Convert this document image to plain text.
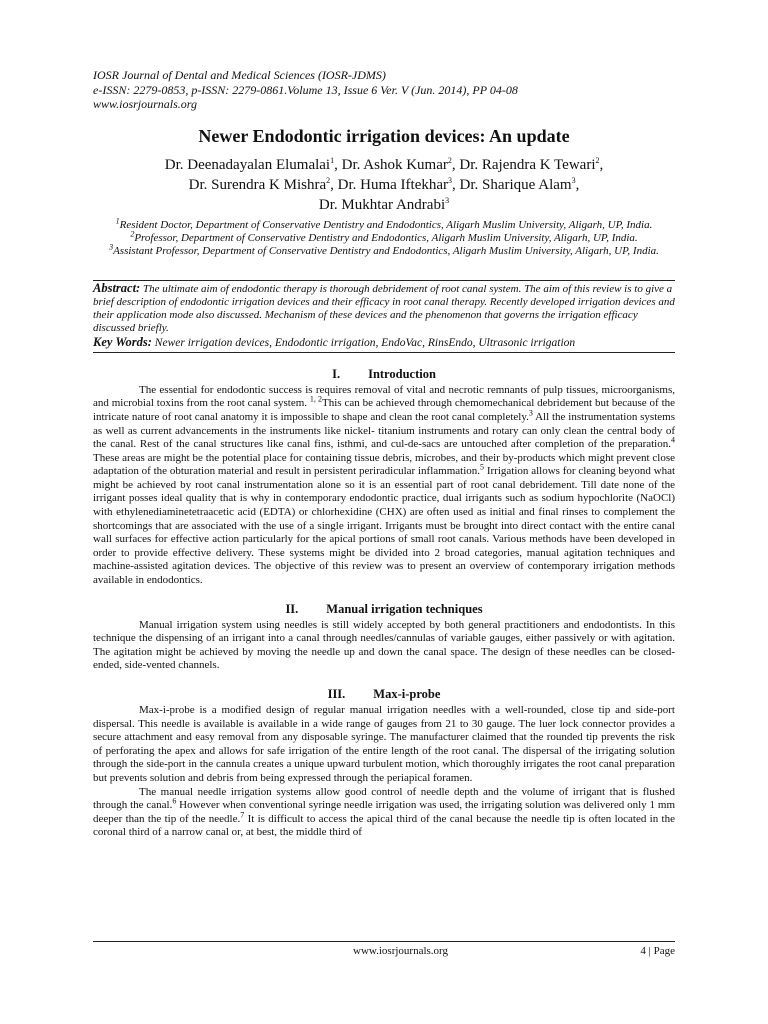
IOSR Journal of Dental and Medical Sciences (IOSR-JDMS)
e-ISSN: 2279-0853, p-ISSN: 2279-0861.Volume 13, Issue 6 Ver. V (Jun. 2014), PP 04-08
www.iosrjournals.org
Newer Endodontic irrigation devices: An update
Dr. Deenadayalan Elumalai$^1$, Dr. Ashok Kumar$^2$, Dr. Rajendra K Tewari$^2$,
Dr. Surendra K Mishra$^2$, Dr. Huma Iftekhar$^3$, Dr. Sharique Alam$^3$,
Dr. Mukhtar Andrabi$^3$

$^1$Resident Doctor, Department of Conservative Dentistry and Endodontics, Aligarh Muslim University, Aligarh, UP, India.

$^2$Professor, Department of Conservative Dentistry and Endodontics, Aligarh Muslim University, Aligarh, UP, India.

$^3$Assistant Professor, Department of Conservative Dentistry and Endodontics, Aligarh Muslim University, Aligarh, UP, India.

Abstract: The ultimate aim of endodontic therapy is thorough debridement of root canal system. The aim of this review is to give a brief description of endodontic irrigation devices and their efficacy in root canal therapy. Recently developed irrigation devices and their application mode also discussed. Mechanism of these devices and the phenomenon that governs the irrigation efficacy discussed briefly.

Key Words: Newer irrigation devices, Endodontic irrigation, EndoVac, RinsEndo, Ultrasonic irrigation

I. Introduction

The essential for endodontic success is requires removal of vital and necrotic remnants of pulp tissues, microorganisms, and microbial toxins from the root canal system. $^{1, 2}$This can be achieved through chemomechanical debridement but because of the intricate nature of root canal anatomy it is impossible to shape and clean the root canal completely.$^3$ All the instrumentation systems as well as current advancements in the instruments like nickel- titanium instruments and rotary can only clean the central body of the canal. Rest of the canal structures like canal fins, isthmi, and cul-de-sacs are untouched after completion of the preparation.$^4$ These areas are might be the potential place for containing tissue debris, microbes, and their by-products which might prevent close adaptation of the obturation material and result in persistent periradicular inflammation.$^5$ Irrigation allows for cleaning beyond what might be achieved by root canal instrumentation alone so it is an essential part of root canal debridement. Till date none of the irrigant posses ideal quality that is why in contemporary endodontic practice, dual irrigants such as sodium hypochlorite (NaOCl) with ethylenediaminetetraacetic acid (EDTA) or chlorhexidine (CHX) are often used as initial and final rinses to complement the shortcomings that are associated with the use of a single irrigant. Irrigants must be brought into direct contact with the entire canal wall surfaces for effective action particularly for the apical portions of small root canals. Various methods have been developed in order to provide effective delivery. These systems might be divided into 2 broad categories, manual agitation techniques and machine-assisted agitation devices. The objective of this review was to present an overview of contemporary irrigation methods available in endodontics.

II. Manual irrigation techniques

Manual irrigation system using needles is still widely accepted by both general practitioners and endodontists. In this technique the dispensing of an irrigant into a canal through needles/cannulas of variable gauges, either passively or with agitation. The agitation might be achieved by moving the needle up and down the canal space. The design of these needles can be closed-ended, side-vented channels.

III. Max-i-probe

Max-i-probe is a modified design of regular manual irrigation needles with a well-rounded, close tip and side-port dispersal. This needle is available is available in a wide range of gauges from 21 to 30 gauge. The luer lock connector provides a secure attachment and easy removal from any disposable syringe. The manufacturer claimed that the rounded tip prevents the risk of perforating the apex and allows for safe irrigation of the entire length of the root canal. The dispersal of the irrigating solution through the side-port in the cannula creates a unique upward turbulent motion, which thoroughly irrigates the root canal preparation but prevents solution and debris from being expressed through the periapical foramen.

The manual needle irrigation systems allow good control of needle depth and the volume of irrigant that is flushed through the canal.$^6$ However when conventional syringe needle irrigation was used, the irrigating solution was delivered only 1 mm deeper than the tip of the needle.$^7$ It is difficult to access the apical third of the canal because the needle tip is often located in the coronal third of a narrow canal or, at best, the middle third of

www.iosrjournals.org	4 | Page
